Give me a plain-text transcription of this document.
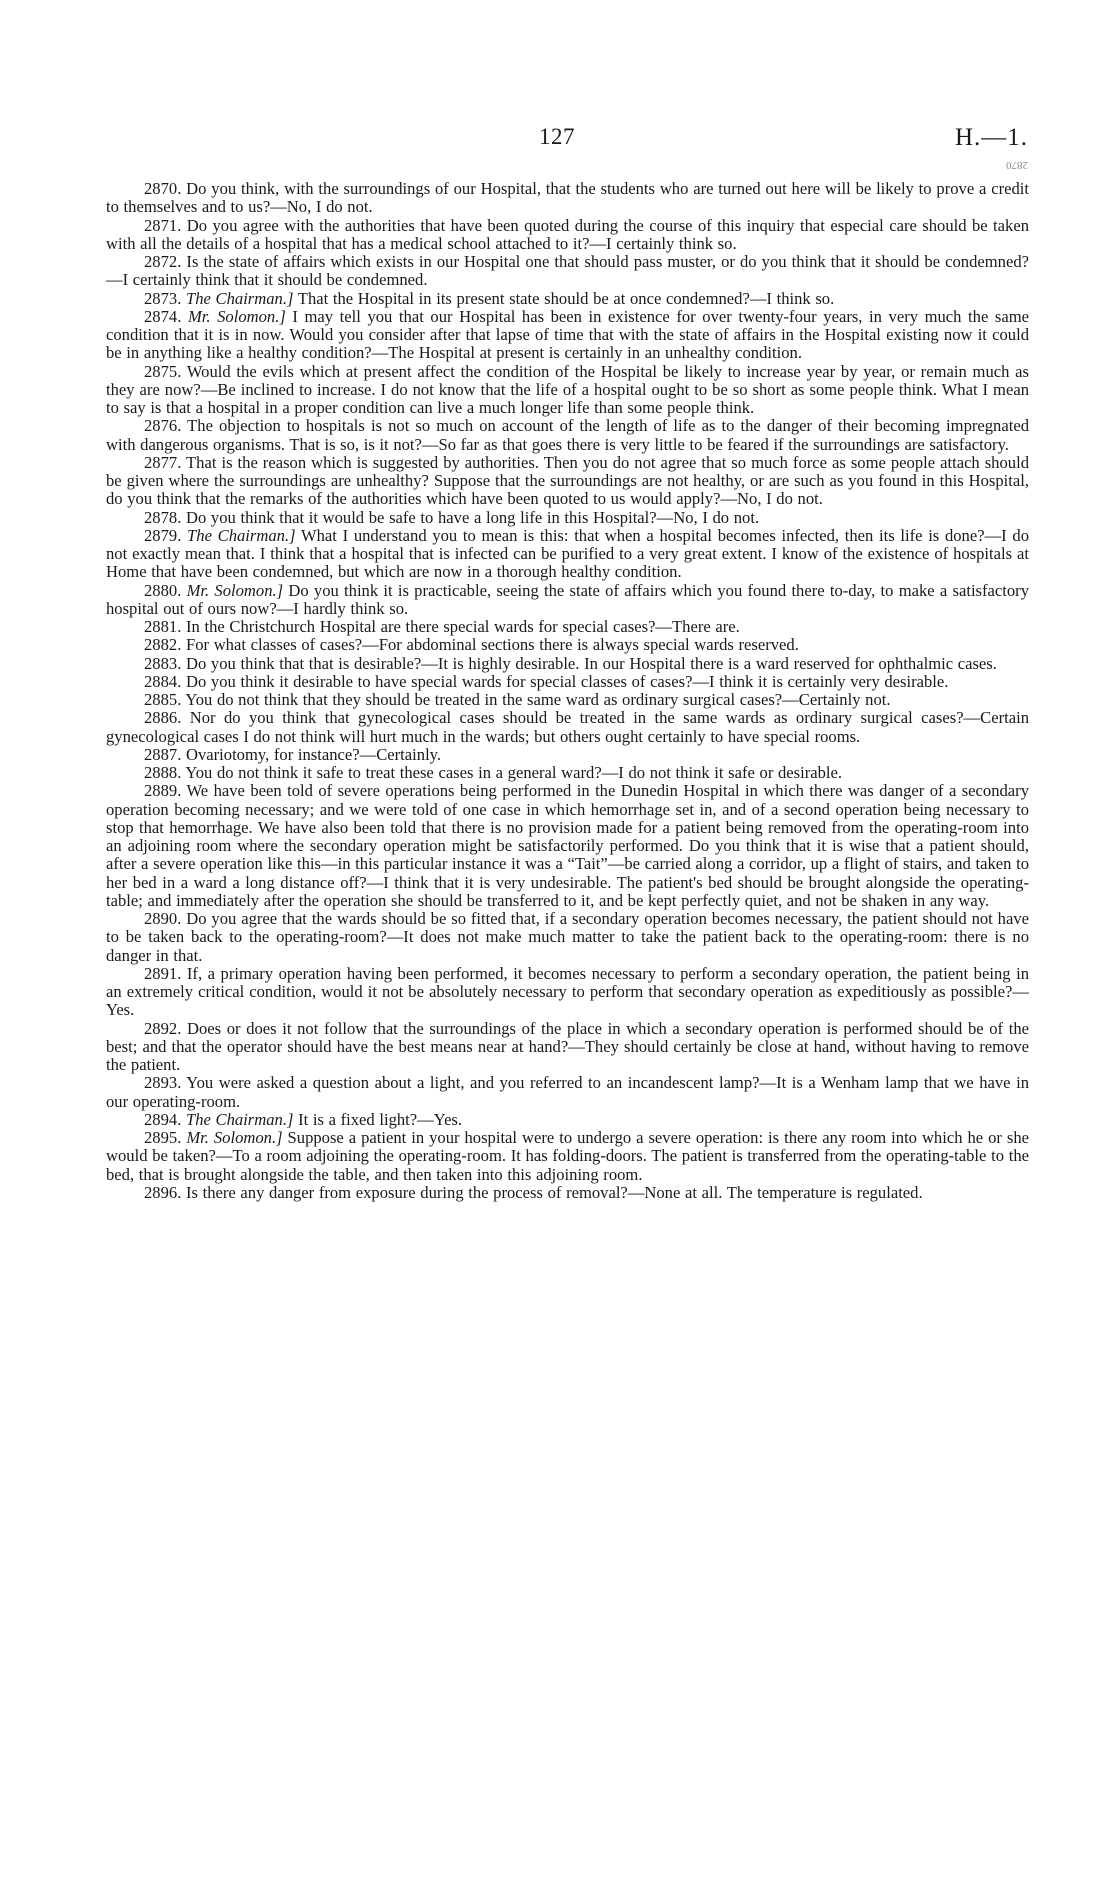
127	H.—1.
2870

2870. Do you think, with the surroundings of our Hospital, that the students who are turned out here will be likely to prove a credit to themselves and to us?—No, I do not.

2871. Do you agree with the authorities that have been quoted during the course of this inquiry that especial care should be taken with all the details of a hospital that has a medical school attached to it?—I certainly think so.

2872. Is the state of affairs which exists in our Hospital one that should pass muster, or do you think that it should be condemned?—I certainly think that it should be condemned.

2873. The Chairman.] That the Hospital in its present state should be at once condemned?—I think so.

2874. Mr. Solomon.] I may tell you that our Hospital has been in existence for over twenty-four years, in very much the same condition that it is in now. Would you consider after that lapse of time that with the state of affairs in the Hospital existing now it could be in anything like a healthy condition?—The Hospital at present is certainly in an unhealthy condition.

2875. Would the evils which at present affect the condition of the Hospital be likely to increase year by year, or remain much as they are now?—Be inclined to increase. I do not know that the life of a hospital ought to be so short as some people think. What I mean to say is that a hospital in a proper condition can live a much longer life than some people think.

2876. The objection to hospitals is not so much on account of the length of life as to the danger of their becoming impregnated with dangerous organisms. That is so, is it not?—So far as that goes there is very little to be feared if the surroundings are satisfactory.

2877. That is the reason which is suggested by authorities. Then you do not agree that so much force as some people attach should be given where the surroundings are unhealthy? Suppose that the surroundings are not healthy, or are such as you found in this Hospital, do you think that the remarks of the authorities which have been quoted to us would apply?—No, I do not.

2878. Do you think that it would be safe to have a long life in this Hospital?—No, I do not.

2879. The Chairman.] What I understand you to mean is this: that when a hospital becomes infected, then its life is done?—I do not exactly mean that. I think that a hospital that is infected can be purified to a very great extent. I know of the existence of hospitals at Home that have been condemned, but which are now in a thorough healthy condition.

2880. Mr. Solomon.] Do you think it is practicable, seeing the state of affairs which you found there to-day, to make a satisfactory hospital out of ours now?—I hardly think so.

2881. In the Christchurch Hospital are there special wards for special cases?—There are.

2882. For what classes of cases?—For abdominal sections there is always special wards reserved.

2883. Do you think that that is desirable?—It is highly desirable. In our Hospital there is a ward reserved for ophthalmic cases.

2884. Do you think it desirable to have special wards for special classes of cases?—I think it is certainly very desirable.

2885. You do not think that they should be treated in the same ward as ordinary surgical cases?—Certainly not.

2886. Nor do you think that gynecological cases should be treated in the same wards as ordinary surgical cases?—Certain gynecological cases I do not think will hurt much in the wards; but others ought certainly to have special rooms.

2887. Ovariotomy, for instance?—Certainly.

2888. You do not think it safe to treat these cases in a general ward?—I do not think it safe or desirable.

2889. We have been told of severe operations being performed in the Dunedin Hospital in which there was danger of a secondary operation becoming necessary; and we were told of one case in which hemorrhage set in, and of a second operation being necessary to stop that hemorrhage. We have also been told that there is no provision made for a patient being removed from the operating-room into an adjoining room where the secondary operation might be satisfactorily performed. Do you think that it is wise that a patient should, after a severe operation like this—in this particular instance it was a “Tait”—be carried along a corridor, up a flight of stairs, and taken to her bed in a ward a long distance off?—I think that it is very undesirable. The patient's bed should be brought alongside the operating-table; and immediately after the operation she should be transferred to it, and be kept perfectly quiet, and not be shaken in any way.

2890. Do you agree that the wards should be so fitted that, if a secondary operation becomes necessary, the patient should not have to be taken back to the operating-room?—It does not make much matter to take the patient back to the operating-room: there is no danger in that.

2891. If, a primary operation having been performed, it becomes necessary to perform a secondary operation, the patient being in an extremely critical condition, would it not be absolutely necessary to perform that secondary operation as expeditiously as possible?—Yes.

2892. Does or does it not follow that the surroundings of the place in which a secondary operation is performed should be of the best; and that the operator should have the best means near at hand?—They should certainly be close at hand, without having to remove the patient.

2893. You were asked a question about a light, and you referred to an incandescent lamp?—It is a Wenham lamp that we have in our operating-room.

2894. The Chairman.] It is a fixed light?—Yes.

2895. Mr. Solomon.] Suppose a patient in your hospital were to undergo a severe operation: is there any room into which he or she would be taken?—To a room adjoining the operating-room. It has folding-doors. The patient is transferred from the operating-table to the bed, that is brought alongside the table, and then taken into this adjoining room.

2896. Is there any danger from exposure during the process of removal?—None at all. The temperature is regulated.
